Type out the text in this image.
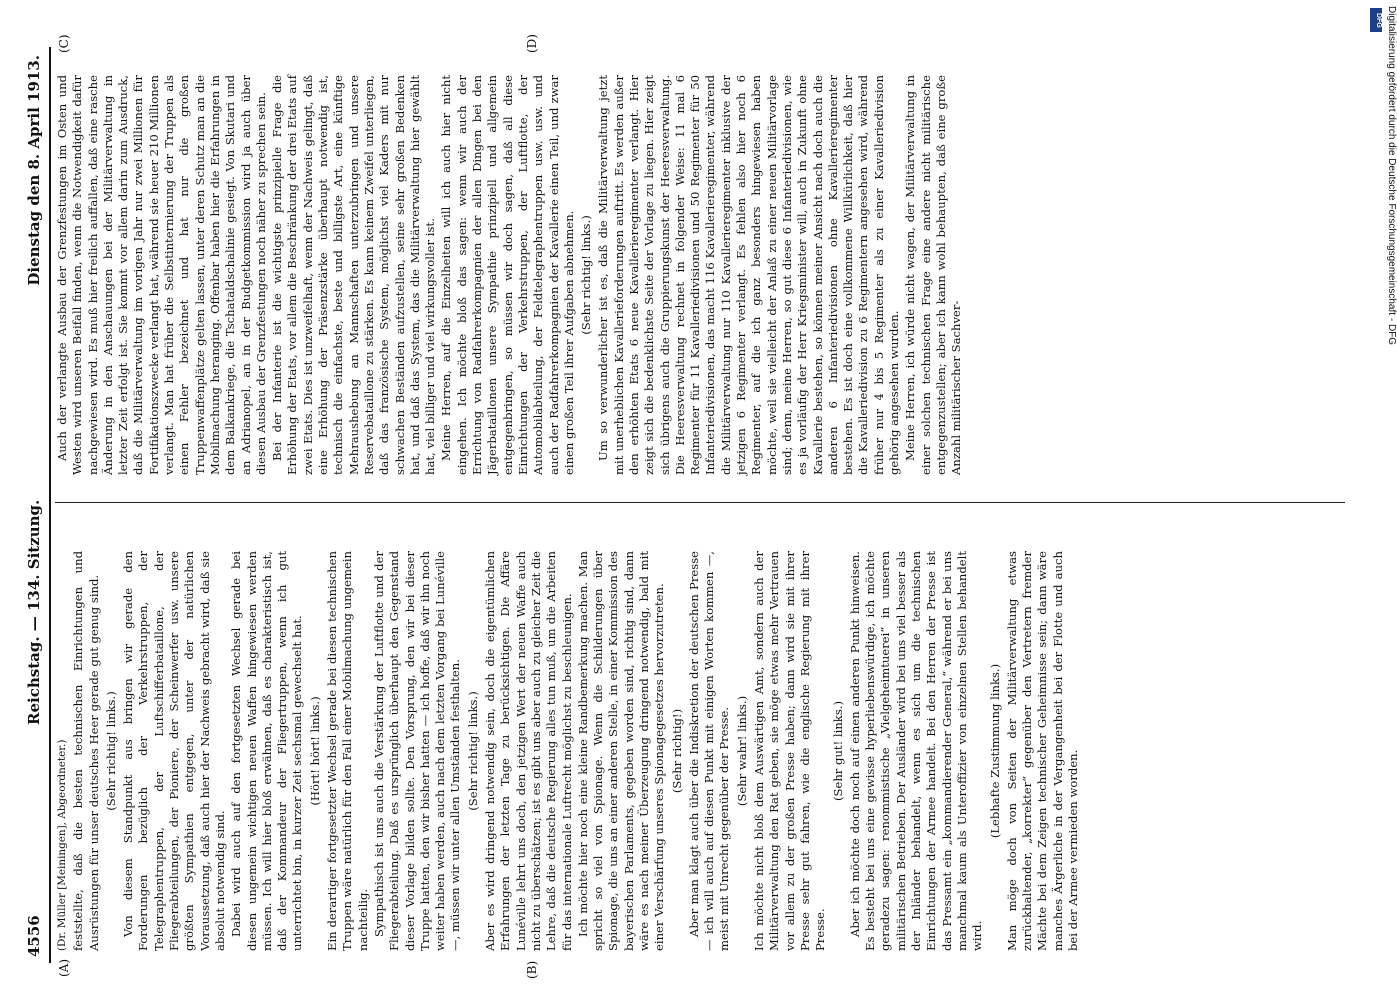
4556
Reichstag. — 134. Sitzung.
Dienstag den 8. April 1913.
(A)	(B)
(C)	(D)

(Dr. Müller [Meiningen], Abgeordneter.) feststellte, daß die besten technischen Einrichtungen und Ausrüstungen für unser deutsches Heer gerade gut genug sind. (Sehr richtig! links.) Von diesem Standpunkt aus bringen wir gerade den Forderungen bezüglich der Verkehrstruppen, der Telegraphentruppen, der Luftschifferbataillone, der Fliegerabteilungen, der Pioniere, der Scheinwerfer usw. unsere größten Sympathien entgegen, unter der natürlichen Voraussetzung, daß auch hier der Nachweis gebracht wird, daß sie absolut notwendig sind. Dabei wird auch auf den fortgesetzten Wechsel gerade bei diesen ungemein wichtigen neuen Waffen hingewiesen werden müssen. Ich will hier bloß erwähnen, daß es charakteristisch ist, daß der Kommandeur der Fliegertruppen, wenn ich gut unterrichtet bin, in kurzer Zeit sechsmal gewechselt hat. (Hört! hört! links.) Ein derartiger fortgesetzter Wechsel gerade bei diesen technischen Truppen wäre natürlich für den Fall einer Mobilmachung ungemein nachteilig. Sympathisch ist uns auch die Verstärkung der Luftflotte und der Fliegerabteilung. Daß es ursprünglich überhaupt den Gegenstand dieser Vorlage bilden sollte. Den Vorsprung, den wir bei dieser Truppe hatten, den wir bisher hatten — ich hoffe, daß wir ihn noch weiter haben werden, auch nach dem letzten Vorgang bei Lunéville —, müssen wir unter allen Umständen festhalten. (Sehr richtig! links.) Aber es wird dringend notwendig sein, doch die eigentümlichen Erfahrungen der letzten Tage zu berücksichtigen. Die Affäre Lunéville lehrt uns doch, den jetzigen Wert der neuen Waffe auch nicht zu überschätzen; ist es gibt uns aber auch zu gleicher Zeit die Lehre, daß die deutsche Regierung alles tun muß, um die Arbeiten für das internationale Luftrecht möglichst zu beschleunigen. Ich möchte hier noch eine kleine Randbemerkung machen. Man spricht so viel von Spionage. Wenn die Schilderungen über Spionage, die uns an einer anderen Stelle, in einer Kommission des bayerischen Parlaments, gegeben worden sind, richtig sind, dann wäre es nach meiner Überzeugung dringend notwendig, bald mit einer Verschärfung unseres Spionagegesetzes hervorzutreten. (Sehr richtig!) Aber man klagt auch über die Indiskretion der deutschen Presse — ich will auch auf diesen Punkt mit einigen Worten kommen —, meist mit Unrecht gegenüber der Presse. (Sehr wahr! links.) Ich möchte nicht bloß dem Auswärtigen Amt, sondern auch der Militärverwaltung den Rat geben, sie möge etwas mehr Vertrauen vor allem zu der großen Presse haben; dann wird sie mit ihrer Presse sehr gut fahren, wie die englische Regierung mit ihrer Presse.

(Sehr gut! links.) Aber ich möchte doch noch auf einen anderen Punkt hinweisen. Es besteht bei uns eine gewisse hyperliebenswürdige, ich möchte geradezu sagen: renommistische „Vielgeheimtuerei“ in unseren militärischen Betrieben. Der Ausländer wird bei uns viel besser als der Inländer behandelt, wenn es sich um die technischen Einrichtungen der Armee handelt. Bei den Herren der Presse ist das Pressamt ein „kommandierender General,“ während er bei uns manchmal kaum als Unteroffizier von einzelnen Stellen behandelt wird.

(Lebhafte Zustimmung links.) Man möge doch von Seiten der Militärverwaltung etwas zurückhaltender, „korrekter“ gegenüber den Vertretern fremder Mächte bei dem Zeigen technischer Geheimnisse sein; dann wäre manches Ärgerliche in der Vergangenheit bei der Flotte und auch bei der Armee vermieden worden.

Auch der verlangte Ausbau der Grenzfestungen im Osten und Westen wird unseren Beifall finden, wenn die Notwendigkeit dafür nachgewiesen wird. Es muß hier freilich auffallen, daß eine rasche Änderung in den Anschauungen bei der Militärverwaltung in letzter Zeit erfolgt ist. Sie kommt vor allem darin zum Ausdruck, daß die Militärverwaltung im vorigen Jahr nur zwei Millionen für Fortifikationszwecke verlangt hat, während sie heuer 210 Millionen verlangt. Man hat früher die Selbstinternierung der Truppen als einen Fehler bezeichnet und hat nur die großen Truppenwaffenplätze gelten lassen, unter deren Schutz man an die Mobilmachung heranging. Offenbar haben hier die Erfahrungen in dem Balkankriege, die Tschataldschalinie gesiegt. Von Skutari und an Adrianopel, an in der Budgetkommission wird ja auch über diesen Ausbau der Grenzfestungen noch näher zu sprechen sein. Bei der Infanterie ist die wichtigste prinzipielle Frage die Erhöhung der Etats, vor allem die Beschränkung der drei Etats auf zwei Etats. Dies ist unzweifelhaft, wenn der Nachweis gelingt, daß eine Erhöhung der Präsenzstärke überhaupt notwendig ist, technisch die einfachste, beste und billigste Art, eine künftige Mehraushebung an Mannschaften unterzubringen und unsere Reservebataillone zu stärken. Es kann keinem Zweifel unterliegen, daß das französische System, möglichst viel Kaders mit nur schwachen Beständen aufzustellen, seine sehr großen Bedenken hat, und daß das System, das die Militärverwaltung hier gewählt hat, viel billiger und viel wirkungsvoller ist. Meine Herren, auf die Einzelheiten will ich auch hier nicht eingehen. Ich möchte bloß das sagen: wenn wir auch der Errichtung von Radfahrerkompagnien der allen Dingen bei den Jägerbataillonen unsere Sympathie prinzipiell und allgemein entgegenbringen, so müssen wir doch sagen, daß all diese Einrichtungen der Verkehrstruppen, der Luftflotte, der Automobilabteilung, der Feldtelegraphentruppen usw. usw. und auch der Radfahrerkompagnien der Kavallerie einen Teil, und zwar einen großen Teil ihrer Aufgaben abnehmen. (Sehr richtig! links.) Um so verwunderlicher ist es, daß die Militärverwaltung jetzt mit unerheblichen Kavallerieforderungen auftritt. Es werden außer den erhöhten Etats 6 neue Kavallerieregimenter verlangt. Hier zeigt sich die bedenklichste Seite der Vorlage zu liegen. Hier zeigt sich übrigens auch die Gruppierungskunst der Heeresverwaltung. Die Heeresverwaltung rechnet in folgender Weise: 11 mal 6 Regimenter für 11 Kavalleriedivisionen und 50 Regimenter für 50 Infanteriedivisionen, das macht 116 Kavallerieregimenter, während die Militärverwaltung nur 110 Kavallerieregimenter inklusive der jetzigen 6 Regimenter verlangt. Es fehlen also hier noch 6 Regimenter, auf die ich ganz besonders hingewiesen haben möchte, weil sie vielleicht der Anlaß zu einer neuen Militärvorlage sind; denn, meine Herren, so gut diese 6 Infanteriedivisionen, wie es ja vorläufig der Herr Kriegsminister will, auch in Zukunft ohne Kavallerie bestehen, so können meiner Ansicht nach doch auch die anderen 6 Infanteriedivisionen ohne Kavallerieregimenter bestehen. Es ist doch eine vollkommene Willkürlichkeit, daß hier die Kavalleriedivision zu 6 Regimentern angesehen wird, während früher nur 4 bis 5 Regimenter als zu einer Kavalleriedivision gehörig angesehen wurden. Meine Herren, ich würde nicht wagen, der Militärverwaltung in einer solchen technischen Frage eine andere nicht militärische entgegenzustellen; aber ich kann wohl behaupten, daß eine große Anzahl militärischer Sachver-

DFG Digitalisierung gefördert durch die Deutsche Forschungsgemeinschaft - DFG
